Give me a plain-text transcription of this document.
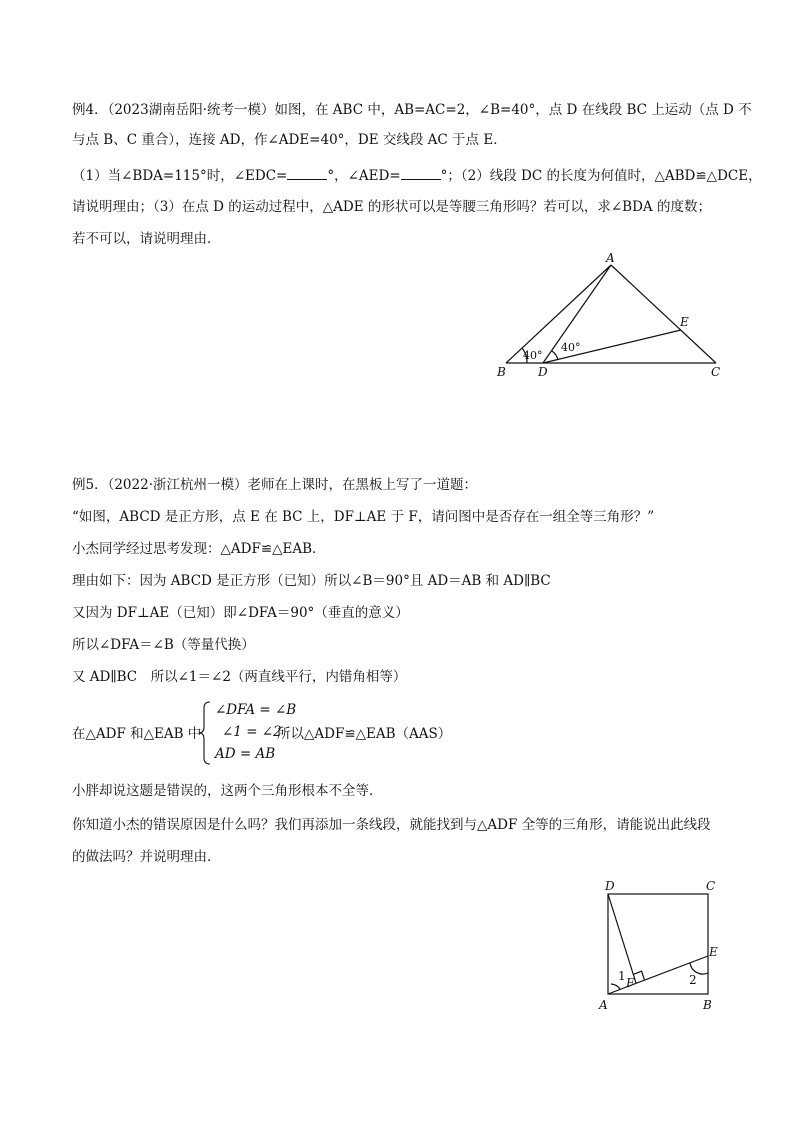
例4．（2023湖南岳阳·统考一模）如图，在 ABC 中，AB=AC=2，∠B=40°，点 D 在线段 BC 上运动（点 D 不
与点 B、C 重合），连接 AD，作∠ADE=40°，DE 交线段 AC 于点 E．
（1）当∠BDA=115°时，∠EDC=	°，∠AED=	°；（2）线段 DC 的长度为何值时，△ABD≌△DCE，
请说明理由；（3）在点 D 的运动过程中，△ADE 的形状可以是等腰三角形吗？若可以，求∠BDA 的度数；
若不可以，请说明理由．
A
B	C
D
E
40°
40°
例5．（2022·浙江杭州一模）老师在上课时，在黑板上写了一道题：
“如图，ABCD 是正方形，点 E 在 BC 上，DF⊥AE 于 F，请问图中是否存在一组全等三角形？”
小杰同学经过思考发现：△ADF≌△EAB．
理由如下：因为 ABCD 是正方形（已知）所以∠B＝90°且 AD＝AB 和 AD∥BC
又因为 DF⊥AE（已知）即∠DFA＝90°（垂直的意义）
所以∠DFA＝∠B（等量代换）
又 AD∥BC　所以∠1＝∠2（两直线平行，内错角相等）
在△ADF 和△EAB 中
∠DFA = ∠B
∠1 = ∠2
AD = AB
所以△ADF≌△EAB（AAS）
小胖却说这题是错误的，这两个三角形根本不全等．
你知道小杰的错误原因是什么吗？我们再添加一条线段，就能找到与△ADF 全等的三角形，请能说出此线段
的做法吗？并说明理由．
D	C
A	B
E
F
1	2
